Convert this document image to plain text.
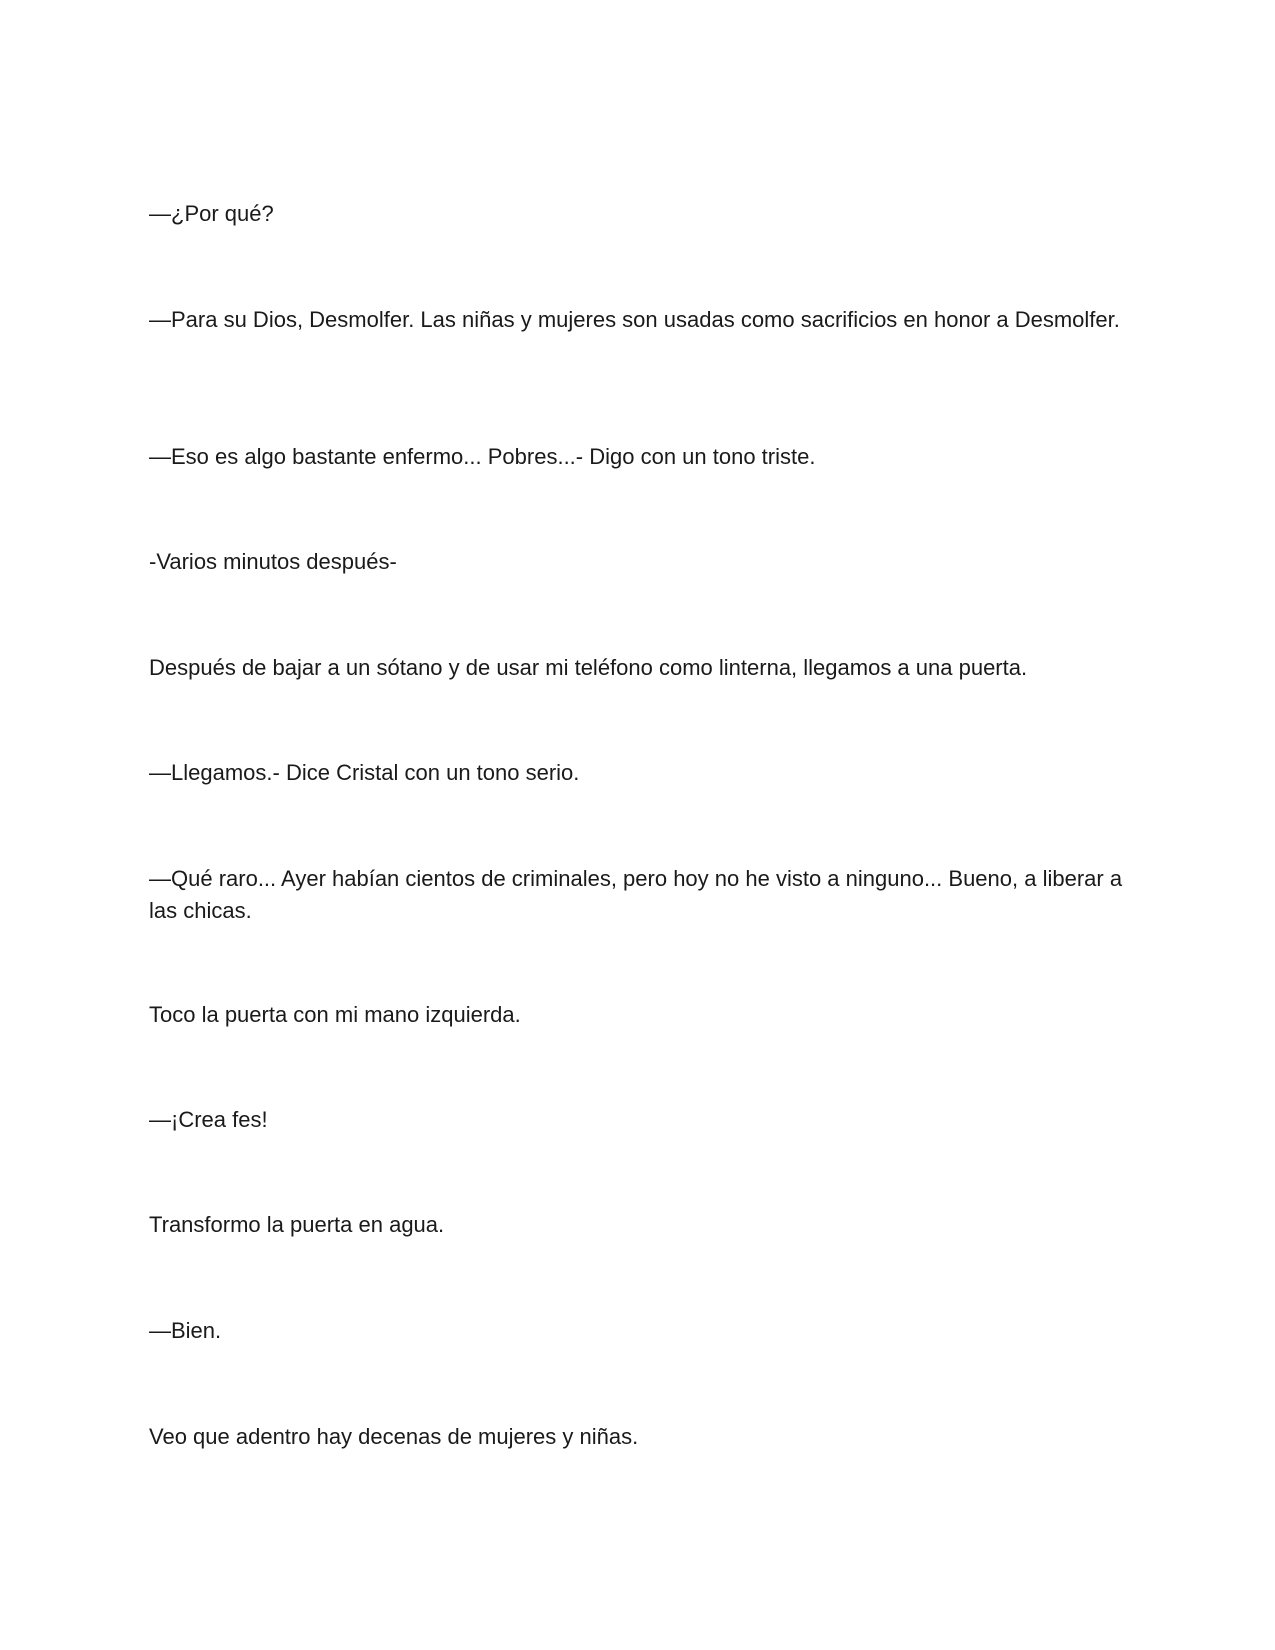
—¿Por qué?

—Para su Dios, Desmolfer. Las niñas y mujeres son usadas como sacrificios en honor a Desmolfer.

—Eso es algo bastante enfermo... Pobres...- Digo con un tono triste.

-Varios minutos después-

Después de bajar a un sótano y de usar mi teléfono como linterna, llegamos a una puerta.

—Llegamos.- Dice Cristal con un tono serio.

—Qué raro... Ayer habían cientos de criminales, pero hoy no he visto a ninguno... Bueno, a liberar a las chicas.

Toco la puerta con mi mano izquierda.

—¡Crea fes!

Transformo la puerta en agua.

—Bien.

Veo que adentro hay decenas de mujeres y niñas.
